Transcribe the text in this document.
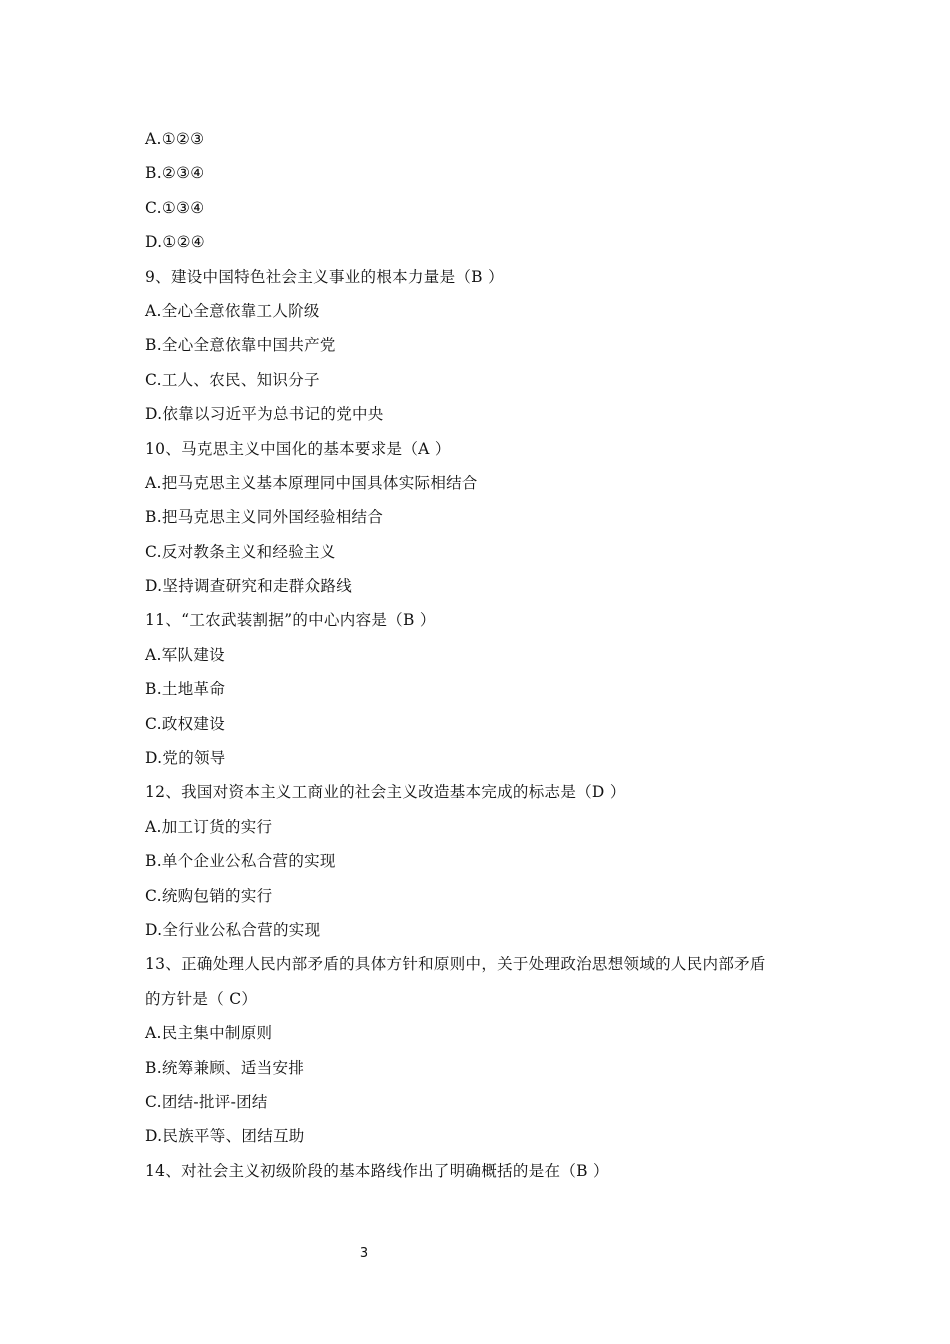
A.①②③
B.②③④
C.①③④
D.①②④
9、建设中国特色社会主义事业的根本力量是（B ）
A.全心全意依靠工人阶级
B.全心全意依靠中国共产党
C.工人、农民、知识分子
D.依靠以习近平为总书记的党中央
10、马克思主义中国化的基本要求是（A ）
A.把马克思主义基本原理同中国具体实际相结合
B.把马克思主义同外国经验相结合
C.反对教条主义和经验主义
D.坚持调查研究和走群众路线
11、“工农武装割据”的中心内容是（B ）
A.军队建设
B.土地革命
C.政权建设
D.党的领导
12、我国对资本主义工商业的社会主义改造基本完成的标志是（D ）
A.加工订货的实行
B.单个企业公私合营的实现
C.统购包销的实行
D.全行业公私合营的实现
13、正确处理人民内部矛盾的具体方针和原则中，关于处理政治思想领域的人民内部矛盾
的方针是（ C）
A.民主集中制原则
B.统筹兼顾、适当安排
C.团结-批评-团结
D.民族平等、团结互助
14、对社会主义初级阶段的基本路线作出了明确概括的是在（B ）
3
